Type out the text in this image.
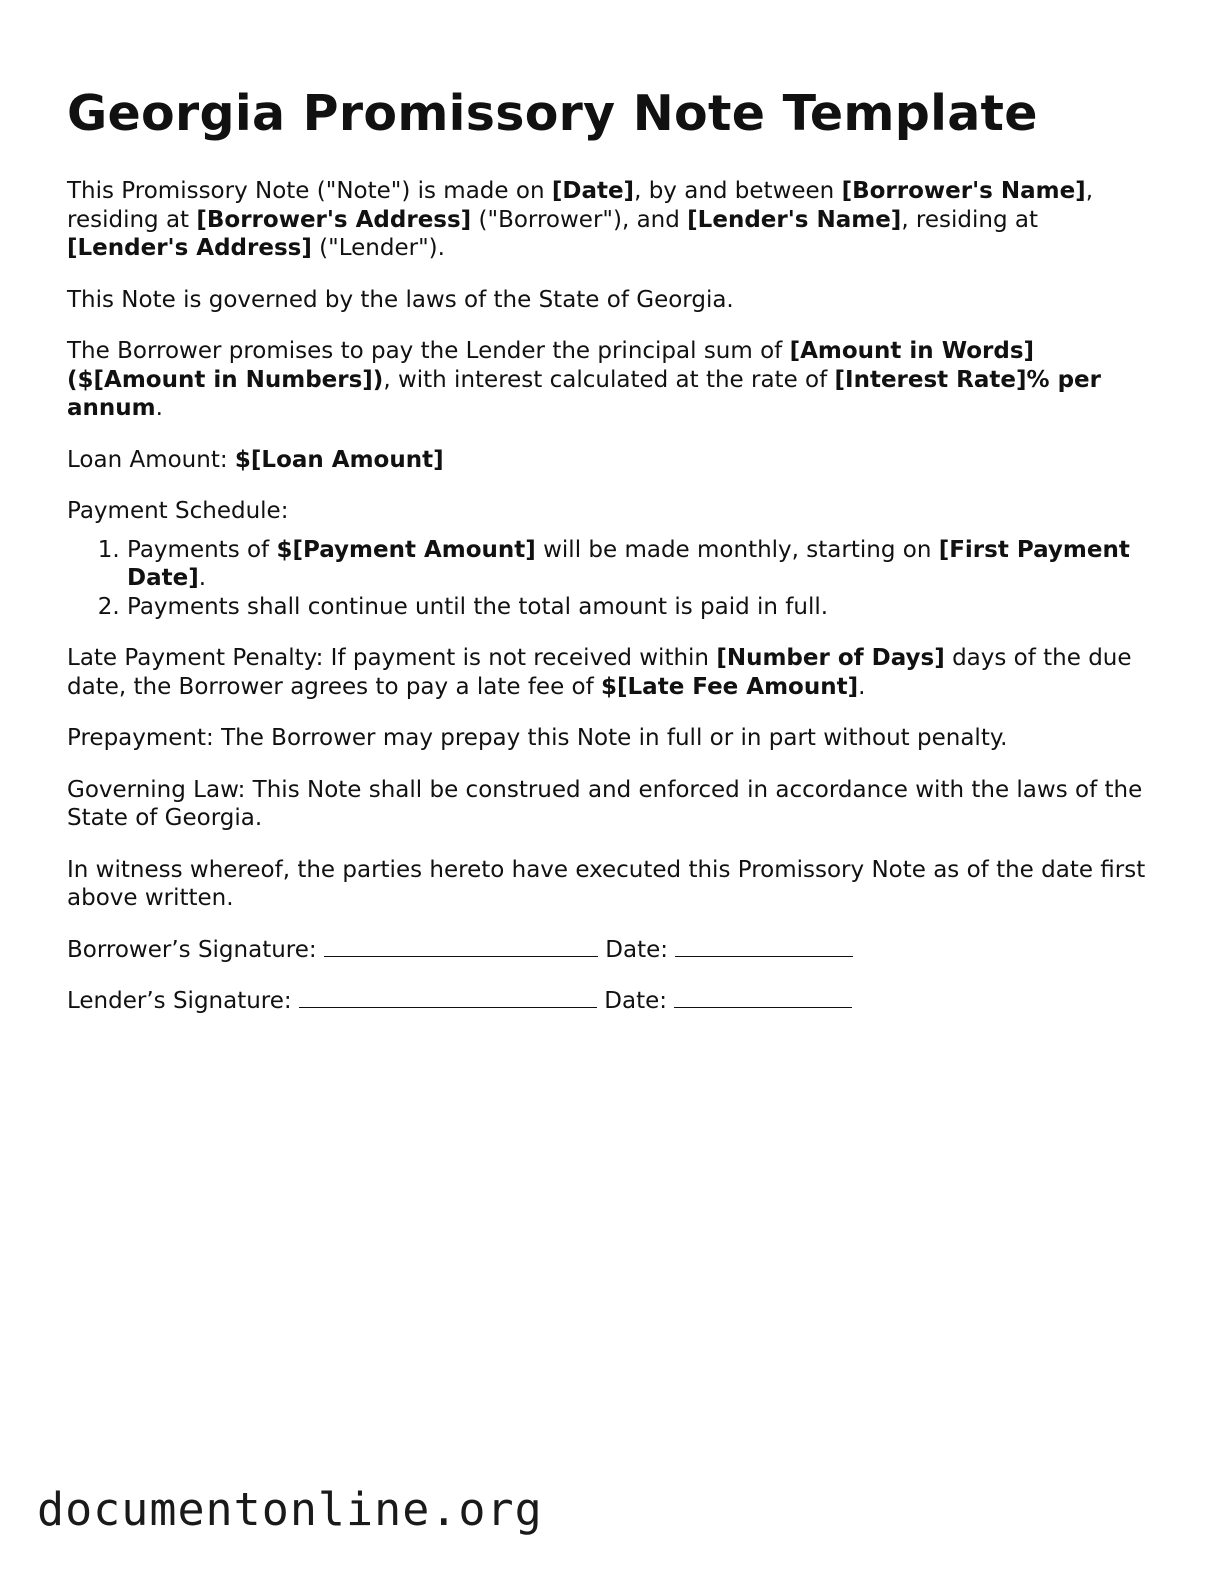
Georgia Promissory Note Template

This Promissory Note ("Note") is made on [Date], by and between [Borrower's Name], residing at [Borrower's Address] ("Borrower"), and [Lender's Name], residing at [Lender's Address] ("Lender").

This Note is governed by the laws of the State of Georgia.

The Borrower promises to pay the Lender the principal sum of [Amount in Words] ($[Amount in Numbers]), with interest calculated at the rate of [Interest Rate]% per annum.

Loan Amount: $[Loan Amount]

Payment Schedule:

1. Payments of $[Payment Amount] will be made monthly, starting on [First Payment Date].
2. Payments shall continue until the total amount is paid in full.

Late Payment Penalty: If payment is not received within [Number of Days] days of the due date, the Borrower agrees to pay a late fee of $[Late Fee Amount].

Prepayment: The Borrower may prepay this Note in full or in part without penalty.

Governing Law: This Note shall be construed and enforced in accordance with the laws of the State of Georgia.

In witness whereof, the parties hereto have executed this Promissory Note as of the date first above written.

Borrower’s Signature:	Date:

Lender’s Signature:	Date:

documentonline.org
